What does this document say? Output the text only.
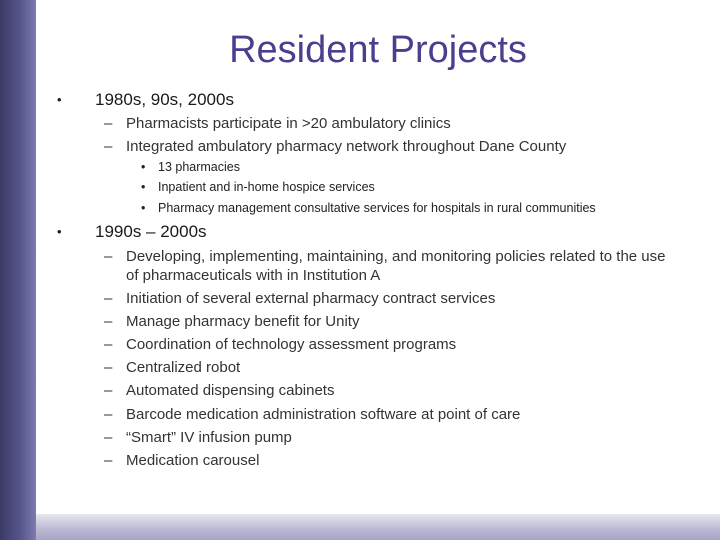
Resident Projects
• 1980s, 90s, 2000s
– Pharmacists participate in >20 ambulatory clinics
– Integrated ambulatory pharmacy network throughout Dane County
• 13 pharmacies
• Inpatient and in-home hospice services
• Pharmacy management consultative services for hospitals in rural communities
• 1990s – 2000s
– Developing, implementing, maintaining, and monitoring policies related to the use of pharmaceuticals with in Institution A
– Initiation of several external pharmacy contract services
– Manage pharmacy benefit for Unity
– Coordination of technology assessment programs
– Centralized robot
– Automated dispensing cabinets
– Barcode medication administration software at point of care
– “Smart” IV infusion pump
– Medication carousel
